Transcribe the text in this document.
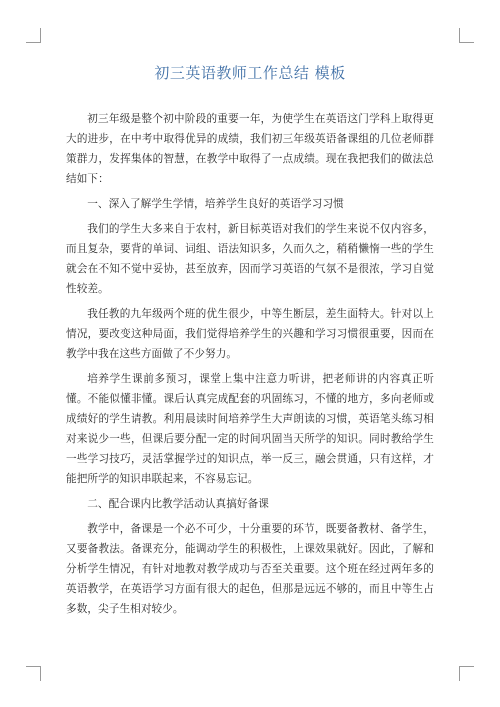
初三英语教师工作总结 模板

初三年级是整个初中阶段的重要一年，为使学生在英语这门学科上取得更大的进步，在中考中取得优异的成绩，我们初三年级英语备课组的几位老师群策群力，发挥集体的智慧，在教学中取得了一点成绩。现在我把我们的做法总结如下：

一、深入了解学生学情，培养学生良好的英语学习习惯

我们的学生大多来自于农村，新目标英语对我们的学生来说不仅内容多，而且复杂，要背的单词、词组、语法知识多，久而久之，稍稍懒惰一些的学生就会在不知不觉中妥协，甚至放弃，因而学习英语的气氛不是很浓，学习自觉性较差。

我任教的九年级两个班的优生很少，中等生断层，差生面特大。针对以上情况，要改变这种局面，我们觉得培养学生的兴趣和学习习惯很重要，因而在教学中我在这些方面做了不少努力。

培养学生课前多预习，课堂上集中注意力听讲，把老师讲的内容真正听懂。不能似懂非懂。课后认真完成配套的巩固练习，不懂的地方，多向老师或成绩好的学生请教。利用晨读时间培养学生大声朗读的习惯，英语笔头练习相对来说少一些，但课后要分配一定的时间巩固当天所学的知识。同时教给学生一些学习技巧，灵活掌握学过的知识点，举一反三，融会贯通，只有这样，才能把所学的知识串联起来，不容易忘记。

二、配合课内比教学活动认真搞好备课

教学中，备课是一个必不可少，十分重要的环节，既要备教材、备学生，又要备教法。备课充分，能调动学生的积极性，上课效果就好。因此，了解和分析学生情况，有针对地教对教学成功与否至关重要。这个班在经过两年多的英语教学，在英语学习方面有很大的起色，但那是远远不够的，而且中等生占多数，尖子生相对较少。
